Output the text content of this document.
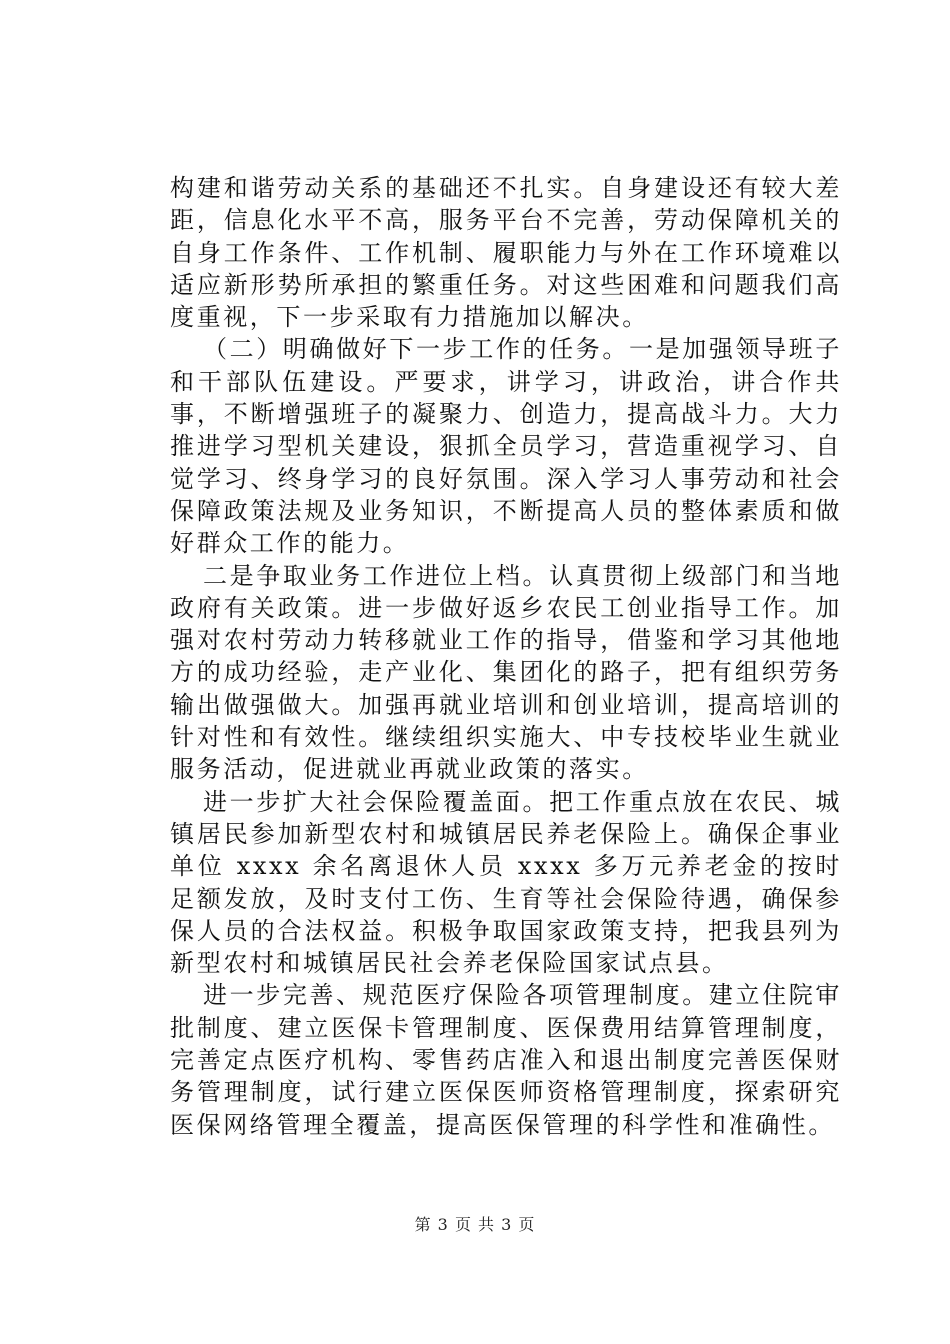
构建和谐劳动关系的基础还不扎实。自身建设还有较大差距，信息化水平不高，服务平台不完善，劳动保障机关的自身工作条件、工作机制、履职能力与外在工作环境难以适应新形势所承担的繁重任务。对这些困难和问题我们高度重视，下一步采取有力措施加以解决。

（二）明确做好下一步工作的任务。一是加强领导班子和干部队伍建设。严要求，讲学习，讲政治，讲合作共事，不断增强班子的凝聚力、创造力，提高战斗力。大力推进学习型机关建设，狠抓全员学习，营造重视学习、自觉学习、终身学习的良好氛围。深入学习人事劳动和社会保障政策法规及业务知识，不断提高人员的整体素质和做好群众工作的能力。

二是争取业务工作进位上档。认真贯彻上级部门和当地政府有关政策。进一步做好返乡农民工创业指导工作。加强对农村劳动力转移就业工作的指导，借鉴和学习其他地方的成功经验，走产业化、集团化的路子，把有组织劳务输出做强做大。加强再就业培训和创业培训，提高培训的针对性和有效性。继续组织实施大、中专技校毕业生就业服务活动，促进就业再就业政策的落实。

进一步扩大社会保险覆盖面。把工作重点放在农民、城镇居民参加新型农村和城镇居民养老保险上。确保企事业单位 xxxx 余名离退休人员 xxxx 多万元养老金的按时足额发放，及时支付工伤、生育等社会保险待遇，确保参保人员的合法权益。积极争取国家政策支持，把我县列为新型农村和城镇居民社会养老保险国家试点县。

进一步完善、规范医疗保险各项管理制度。建立住院审批制度、建立医保卡管理制度、医保费用结算管理制度，完善定点医疗机构、零售药店准入和退出制度完善医保财务管理制度，试行建立医保医师资格管理制度，探索研究医保网络管理全覆盖，提高医保管理的科学性和准确性。

第 3 页 共 3 页
